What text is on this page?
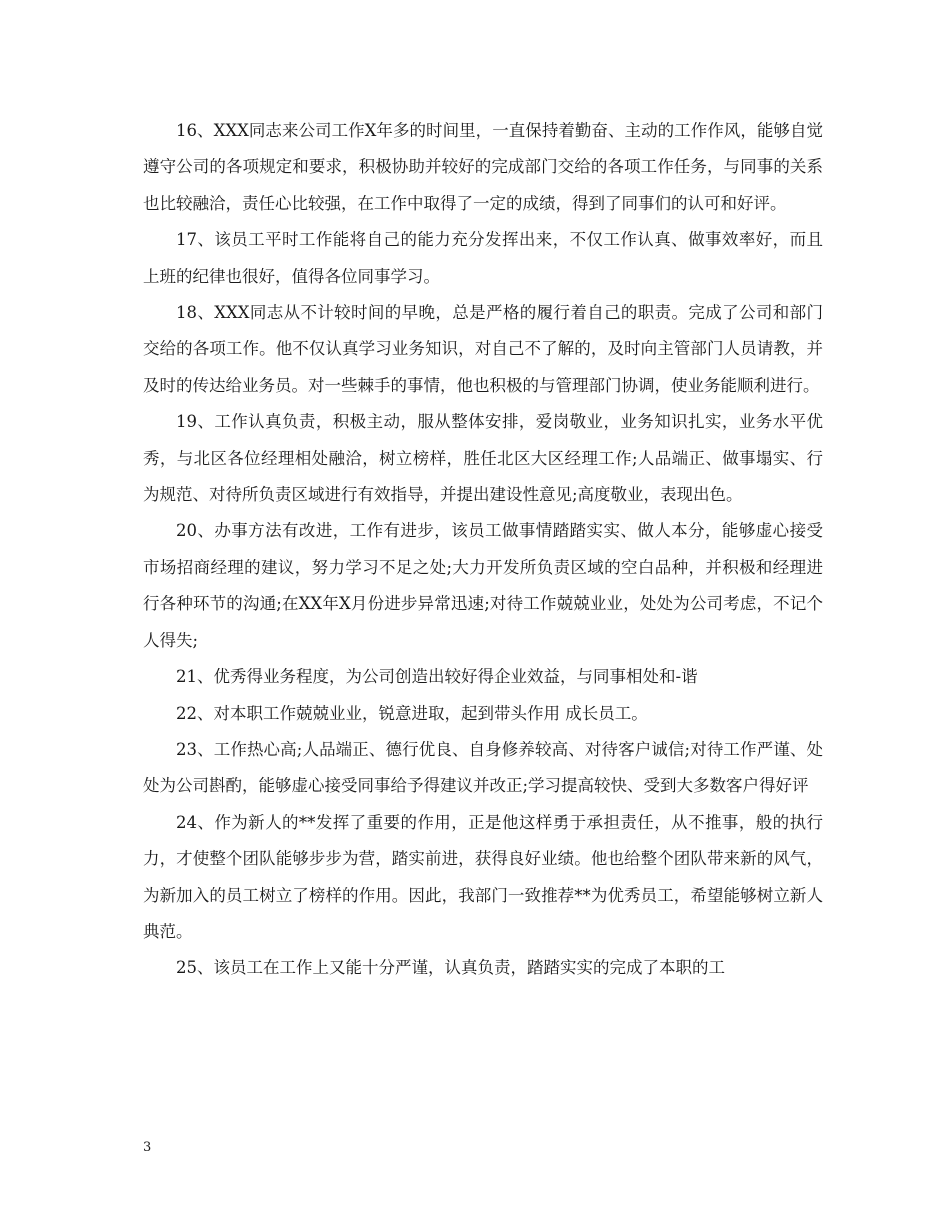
16、XXX同志来公司工作X年多的时间里，一直保持着勤奋、主动的工作作风，能够自觉遵守公司的各项规定和要求，积极协助并较好的完成部门交给的各项工作任务，与同事的关系也比较融洽，责任心比较强，在工作中取得了一定的成绩，得到了同事们的认可和好评。

17、该员工平时工作能将自己的能力充分发挥出来，不仅工作认真、做事效率好，而且上班的纪律也很好，值得各位同事学习。

18、XXX同志从不计较时间的早晚，总是严格的履行着自己的职责。完成了公司和部门交给的各项工作。他不仅认真学习业务知识，对自己不了解的，及时向主管部门人员请教，并及时的传达给业务员。对一些棘手的事情，他也积极的与管理部门协调，使业务能顺利进行。

19、工作认真负责，积极主动，服从整体安排，爱岗敬业，业务知识扎实，业务水平优秀，与北区各位经理相处融洽，树立榜样，胜任北区大区经理工作;人品端正、做事塌实、行为规范、对待所负责区域进行有效指导，并提出建设性意见;高度敬业，表现出色。

20、办事方法有改进，工作有进步，该员工做事情踏踏实实、做人本分，能够虚心接受市场招商经理的建议，努力学习不足之处;大力开发所负责区域的空白品种，并积极和经理进行各种环节的沟通;在XX年X月份进步异常迅速;对待工作兢兢业业，处处为公司考虑，不记个人得失;

21、优秀得业务程度，为公司创造出较好得企业效益，与同事相处和-谐

22、对本职工作兢兢业业，锐意进取，起到带头作用 成长员工。

23、工作热心高;人品端正、德行优良、自身修养较高、对待客户诚信;对待工作严谨、处处为公司斟酌，能够虚心接受同事给予得建议并改正;学习提高较快、受到大多数客户得好评

24、作为新人的**发挥了重要的作用，正是他这样勇于承担责任，从不推事，般的执行力，才使整个团队能够步步为营，踏实前进，获得良好业绩。他也给整个团队带来新的风气，为新加入的员工树立了榜样的作用。因此，我部门一致推荐**为优秀员工，希望能够树立新人典范。

25、该员工在工作上又能十分严谨，认真负责，踏踏实实的完成了本职的工

3
